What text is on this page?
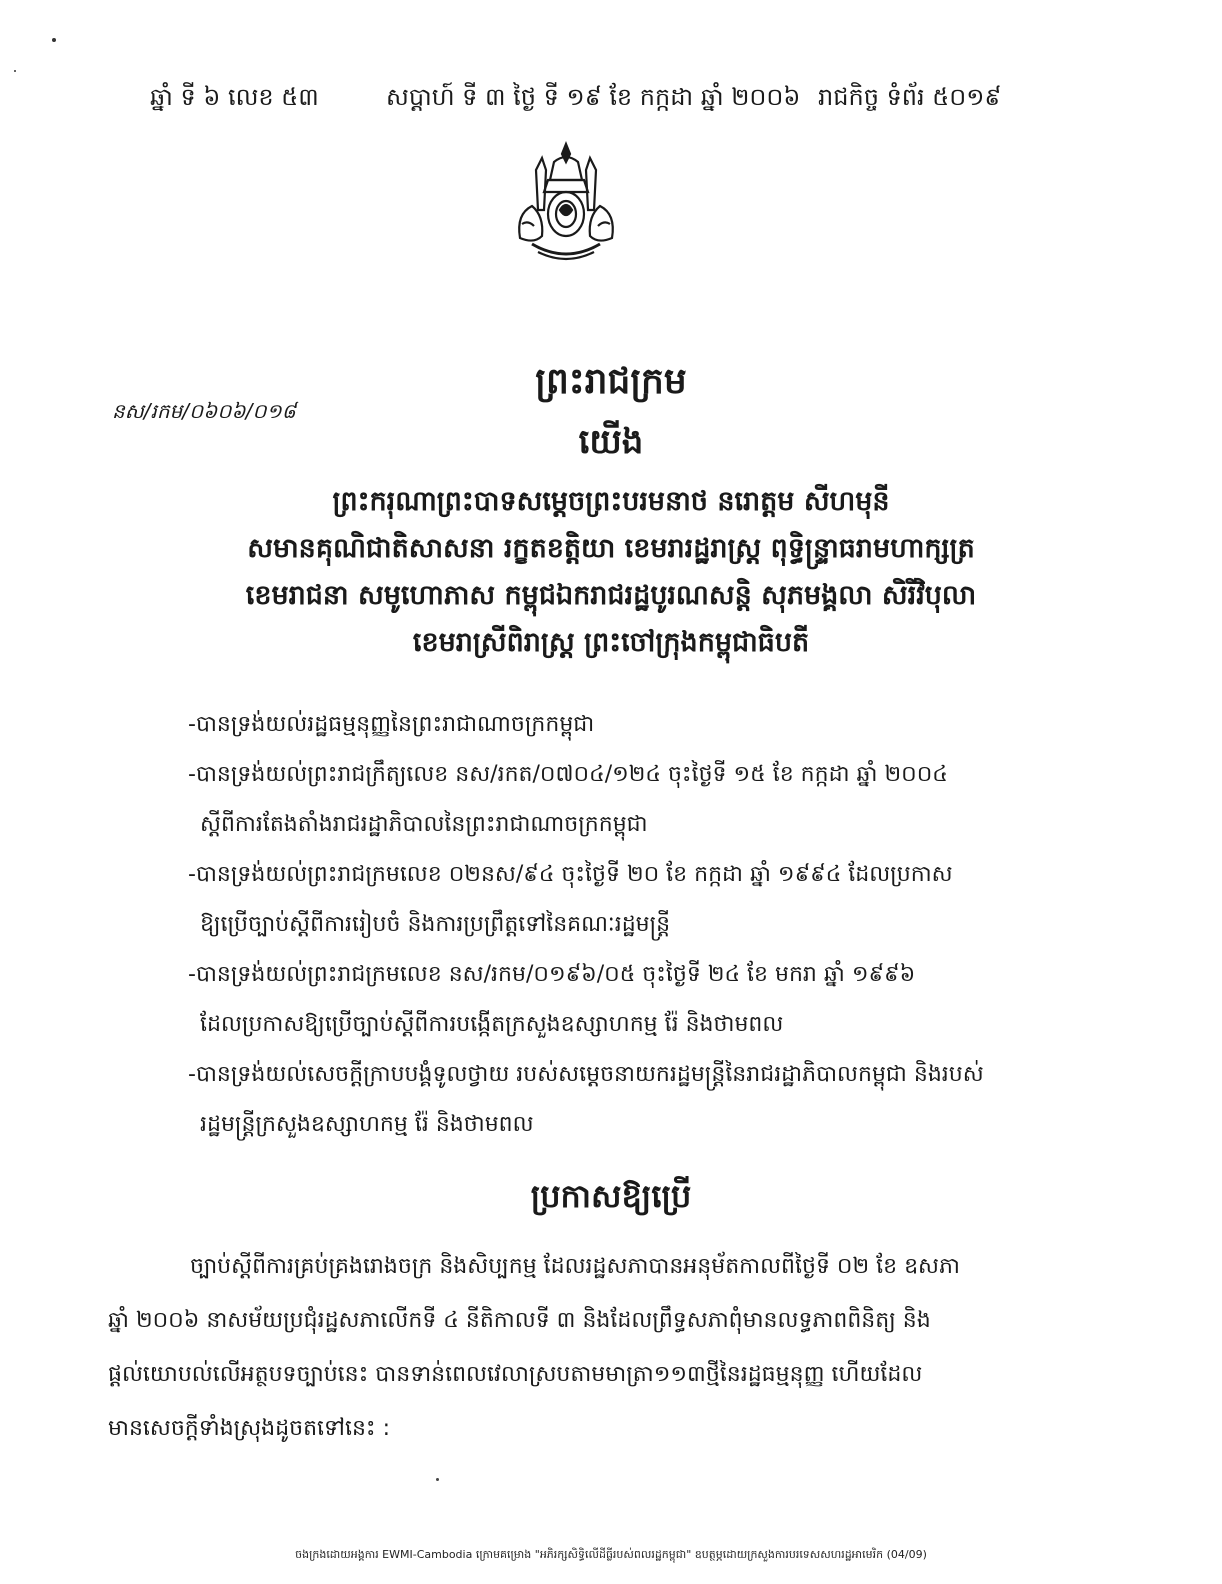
ឆ្នាំ ទី ៦ លេខ ៥៣	សប្តាហ៍ ទី ៣ ថ្ងៃ ទី ១៩ ខែ កក្កដា ឆ្នាំ ២០០៦ រាជកិច្ច ទំព័រ ៥០១៩
ព្រះរាជក្រម
នស/រកម/០៦០៦/០១៨
យើង
ព្រះករុណាព្រះបាទសម្តេចព្រះបរមនាថ នរោត្តម សីហមុនី
សមានគុណិជាតិសាសនា រក្ខតខត្តិយា ខេមរារដ្ឋរាស្ត្រ ពុទ្ធិន្ទ្រាធរាមហាក្សត្រ
ខេមរាជនា សមូហោភាស កម្ពុជឯករាជរដ្ឋបូរណសន្តិ សុភមង្គលា សិរីវិបុលា
ខេមរាស្រីពិរាស្ត្រ ព្រះចៅក្រុងកម្ពុជាធិបតី
-បានទ្រង់យល់រដ្ឋធម្មនុញ្ញនៃព្រះរាជាណាចក្រកម្ពុជា
-បានទ្រង់យល់ព្រះរាជក្រឹត្យលេខ នស/រកត/០៧០៤/១២៤ ចុះថ្ងៃទី ១៥ ខែ កក្កដា ឆ្នាំ ២០០៤
ស្តីពីការតែងតាំងរាជរដ្ឋាភិបាលនៃព្រះរាជាណាចក្រកម្ពុជា
-បានទ្រង់យល់ព្រះរាជក្រមលេខ ០២នស/៩៤ ចុះថ្ងៃទី ២០ ខែ កក្កដា ឆ្នាំ ១៩៩៤ ដែលប្រកាស
ឱ្យប្រើច្បាប់ស្តីពីការរៀបចំ និងការប្រព្រឹត្តទៅនៃគណៈរដ្ឋមន្ត្រី
-បានទ្រង់យល់ព្រះរាជក្រមលេខ នស/រកម/០១៩៦/០៥ ចុះថ្ងៃទី ២៤ ខែ មករា ឆ្នាំ ១៩៩៦
ដែលប្រកាសឱ្យប្រើច្បាប់ស្តីពីការបង្កើតក្រសួងឧស្សាហកម្ម រ៉ែ និងថាមពល
-បានទ្រង់យល់សេចក្តីក្រាបបង្គំទូលថ្វាយ របស់សម្តេចនាយករដ្ឋមន្ត្រីនៃរាជរដ្ឋាភិបាលកម្ពុជា និងរបស់
រដ្ឋមន្ត្រីក្រសួងឧស្សាហកម្ម រ៉ែ និងថាមពល
ប្រកាសឱ្យប្រើ
ច្បាប់ស្តីពីការគ្រប់គ្រងរោងចក្រ និងសិប្បកម្ម ដែលរដ្ឋសភាបានអនុម័តកាលពីថ្ងៃទី ០២ ខែ ឧសភា
ឆ្នាំ ២០០៦ នាសម័យប្រជុំរដ្ឋសភាលើកទី ៤ នីតិកាលទី ៣ និងដែលព្រឹទ្ធសភាពុំមានលទ្ធភាពពិនិត្យ និង
ផ្តល់យោបល់លើអត្ថបទច្បាប់នេះ បានទាន់ពេលវេលាស្របតាមមាត្រា១១៣ថ្មីនៃរដ្ឋធម្មនុញ្ញ ហើយដែល
មានសេចក្តីទាំងស្រុងដូចតទៅនេះ :
ចងក្រងដោយអង្គការ EWMI-Cambodia ក្រោមគម្រោង "អភិរក្សសិទ្ធិលើដីធ្លីរបស់ពលរដ្ឋកម្ពុជា" ឧបត្ថម្ភដោយក្រសួងការបរទេសសហរដ្ឋអាមេរិក (04/09)
